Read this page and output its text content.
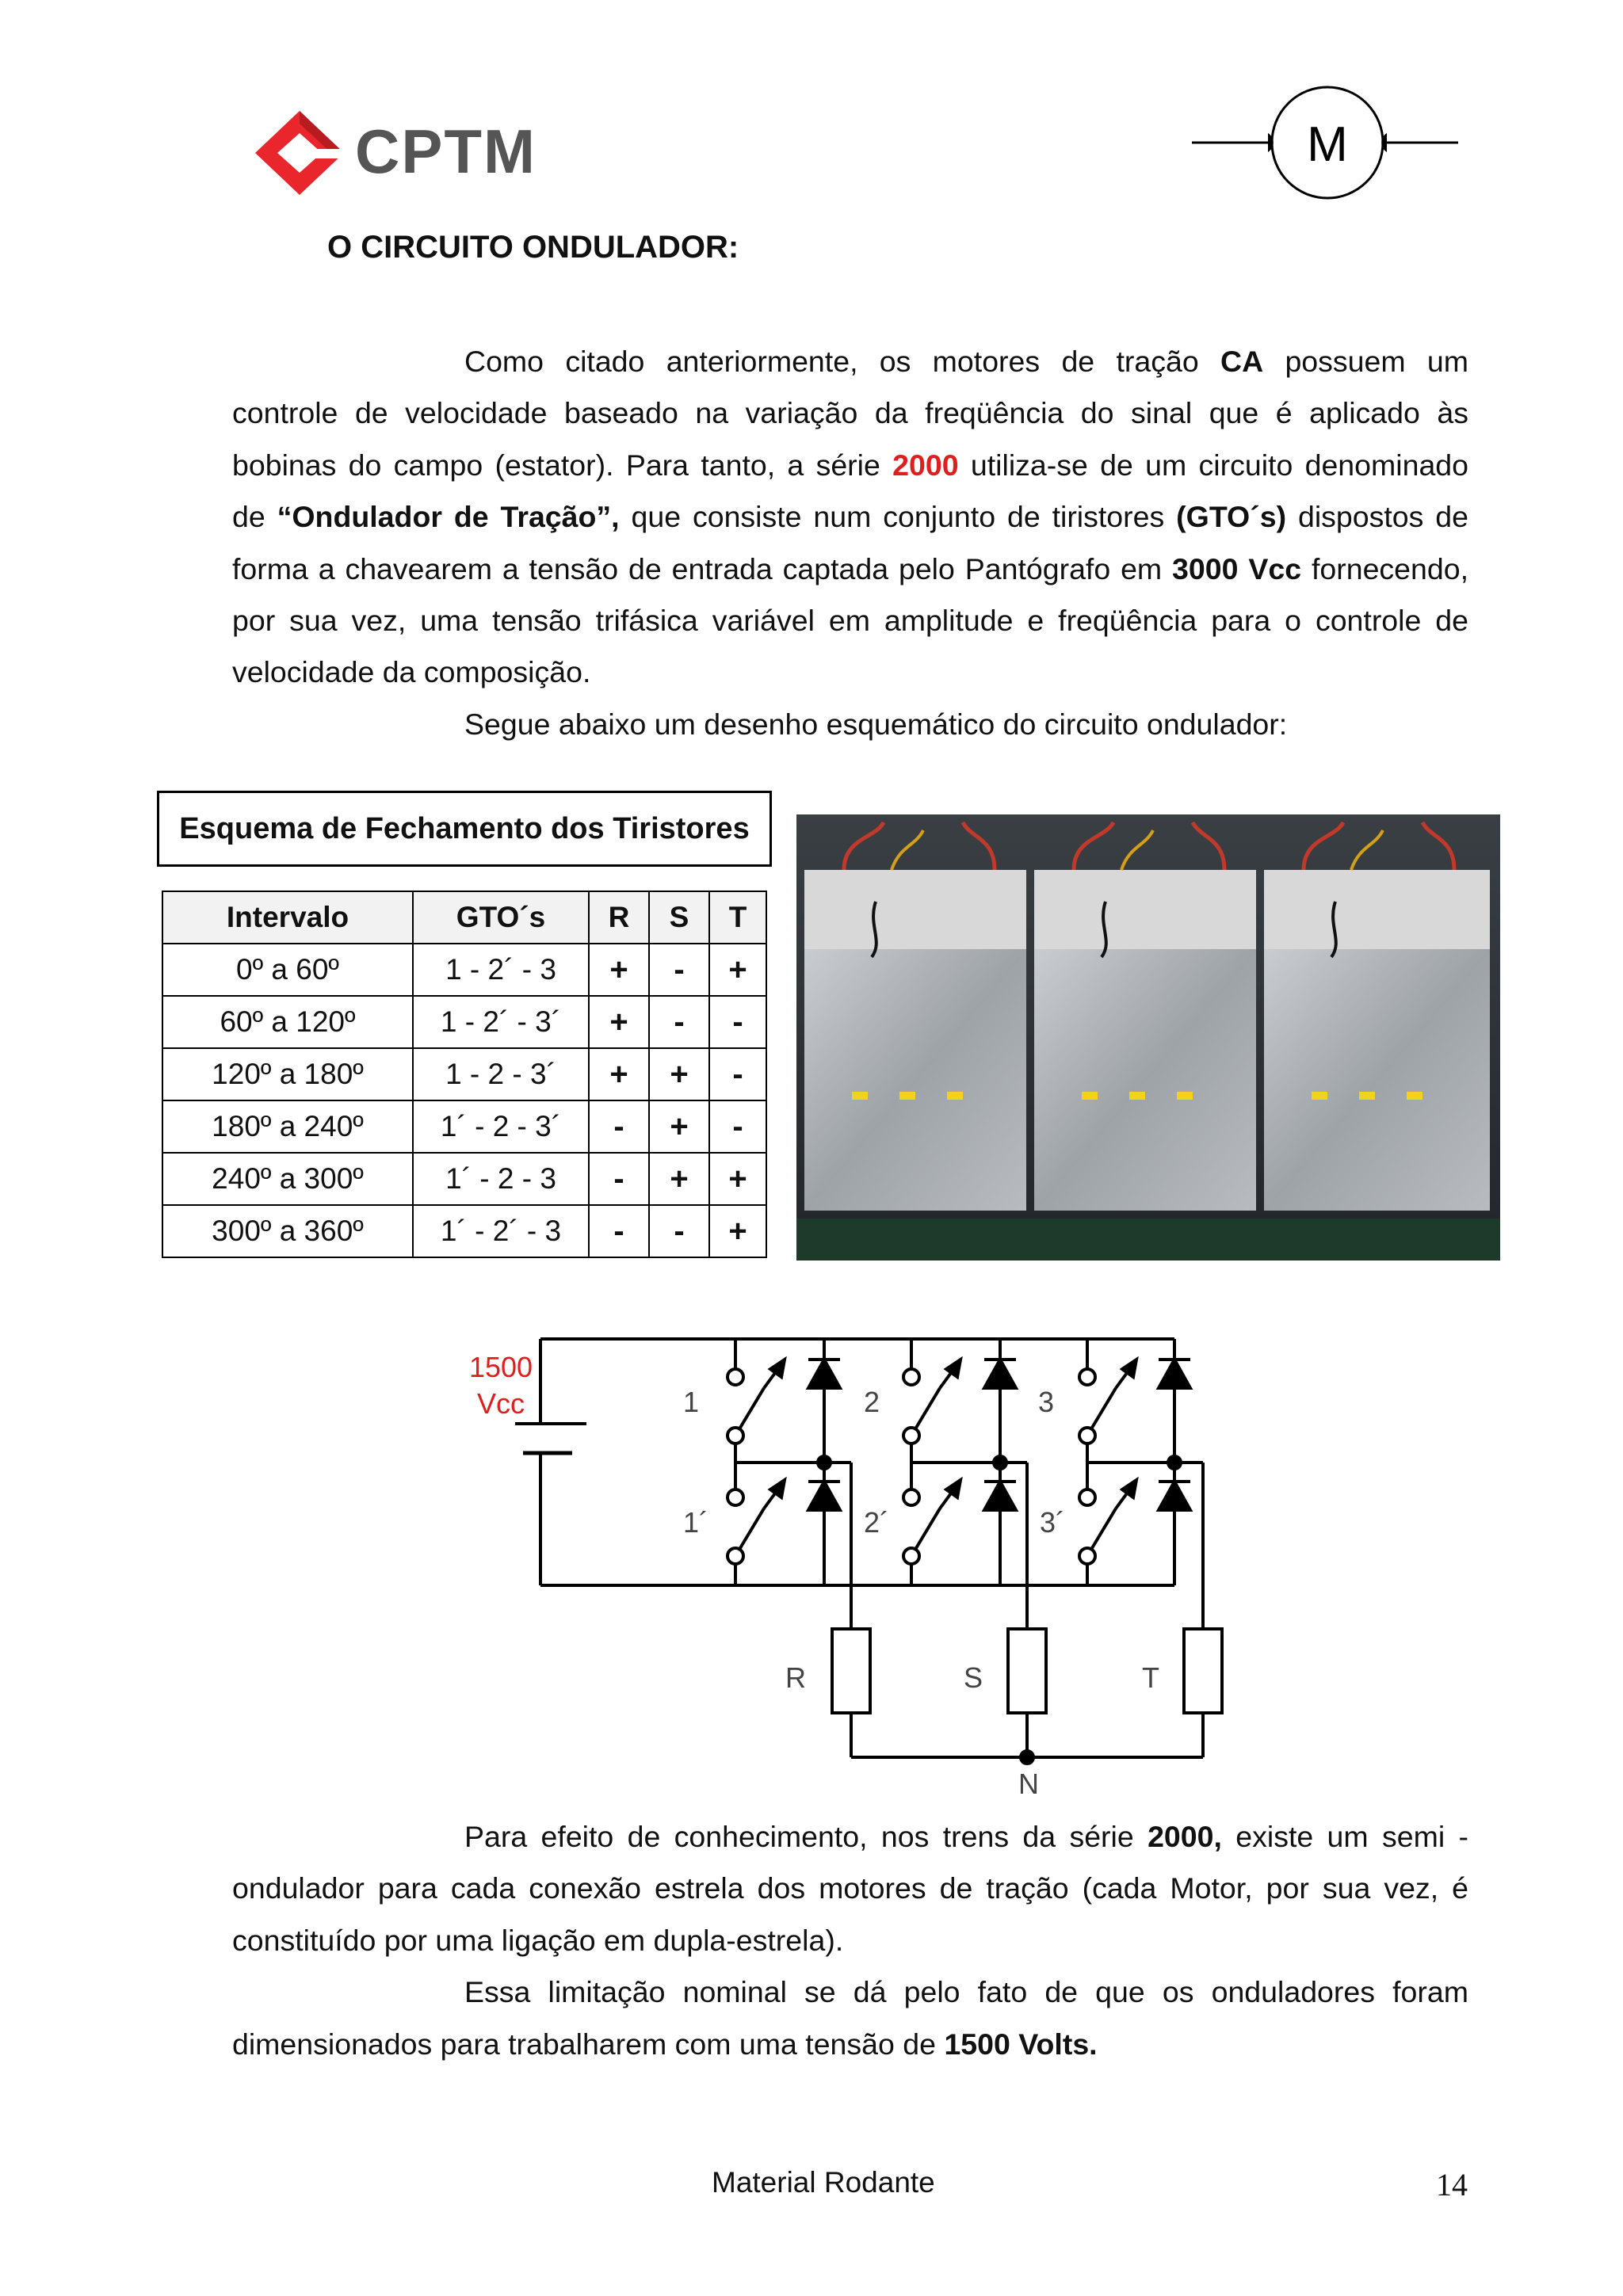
CPTM	M
O CIRCUITO ONDULADOR:
Como citado anteriormente, os motores de tração CA possuem um
controle de velocidade baseado na variação da freqüência do sinal que é aplicado às
bobinas do campo (estator). Para tanto, a série 2000 utiliza-se de um circuito denominado
de “Ondulador de Tração”, que consiste num conjunto de tiristores (GTO´s) dispostos de
forma a chavearem a tensão de entrada captada pelo Pantógrafo em 3000 Vcc fornecendo,
por sua vez, uma tensão trifásica variável em amplitude e freqüência para o controle de
velocidade da composição.
Segue abaixo um desenho esquemático do circuito ondulador:
Esquema de Fechamento dos Tiristores
Intervalo	GTO´s	R	S	T
0º a 60º	1 - 2´ - 3	+	-	+
60º a 120º	1 - 2´ - 3´	+	-	-
120º a 180º	1 - 2 - 3´	+	+	-
180º a 240º	1´ - 2 - 3´	-	+	-
240º a 300º	1´ - 2 - 3	-	+	+
300º a 360º	1´ - 2´ - 3	-	-	+
1500
Vcc	1	2	3
1´	2´	3´
R	S	T
N
Para efeito de conhecimento, nos trens da série 2000, existe um semi -
ondulador para cada conexão estrela dos motores de tração (cada Motor, por sua vez, é
constituído por uma ligação em dupla-estrela).
Essa limitação nominal se dá pelo fato de que os onduladores foram
dimensionados para trabalharem com uma tensão de 1500 Volts.
Material Rodante	14
